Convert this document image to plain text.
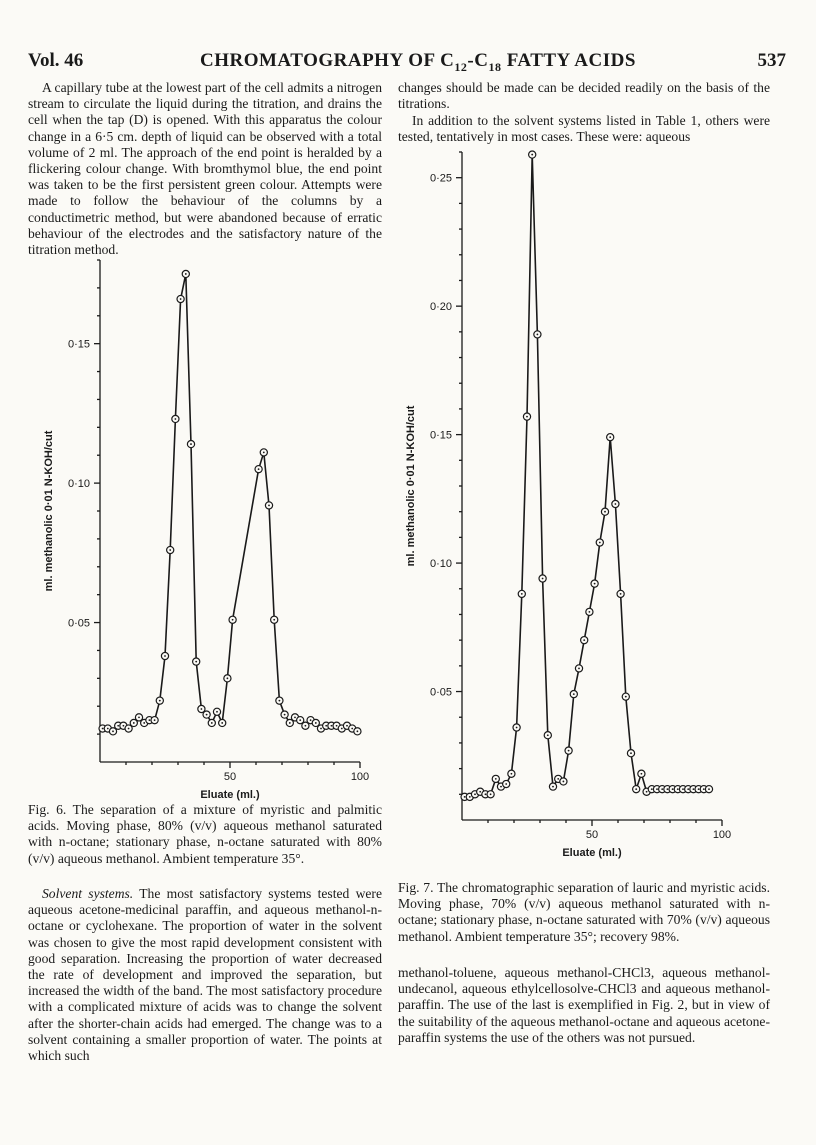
Vol. 46	CHROMATOGRAPHY OF $C_{12}-C_{18}$ FATTY ACIDS	537

A capillary tube at the lowest part of the cell admits a nitrogen stream to circulate the liquid during the titration, and drains the cell when the tap (D) is opened. With this apparatus the colour change in a 6·5 cm. depth of liquid can be observed with a total volume of 2 ml. The approach of the end point is heralded by a flickering colour change. With bromthymol blue, the end point was taken to be the first persistent green colour. Attempts were made to follow the behaviour of the columns by a conductimetric method, but were abandoned because of erratic behaviour of the electrodes and the satisfactory nature of the titration method.

changes should be made can be decided readily on the basis of the titrations.

In addition to the solvent systems listed in Table 1, others were tested, tentatively in most cases. These were: aqueous

0·05
0·10
0·15
50	100
Eluate (ml.)
ml. methanolic 0·01 N-KOH/cut
0·05
0·10
0·15
0·20
0·25
50	100
Eluate (ml.)
ml. methanolic 0·01 N-KOH/cut

Fig. 6. The separation of a mixture of myristic and palmitic acids. Moving phase, 80% (v/v) aqueous methanol saturated with n-octane; stationary phase, n-octane saturated with 80% (v/v) aqueous methanol. Ambient temperature 35°.

Solvent systems. The most satisfactory systems tested were aqueous acetone-medicinal paraffin, and aqueous methanol-n-octane or cyclohexane. The proportion of water in the solvent was chosen to give the most rapid development consistent with good separation. Increasing the proportion of water decreased the rate of development and improved the separation, but increased the width of the band. The most satisfactory procedure with a complicated mixture of acids was to change the solvent after the shorter-chain acids had emerged. The change was to a solvent containing a smaller proportion of water. The points at which such

Fig. 7. The chromatographic separation of lauric and myristic acids. Moving phase, 70% (v/v) aqueous methanol saturated with n-octane; stationary phase, n-octane saturated with 70% (v/v) aqueous methanol. Ambient temperature 35°; recovery 98%.

methanol-toluene, aqueous methanol-CHCl3, aqueous methanol-undecanol, aqueous ethylcellosolve-CHCl3 and aqueous methanol-paraffin. The use of the last is exemplified in Fig. 2, but in view of the suitability of the aqueous methanol-octane and aqueous acetone-paraffin systems the use of the others was not pursued.
